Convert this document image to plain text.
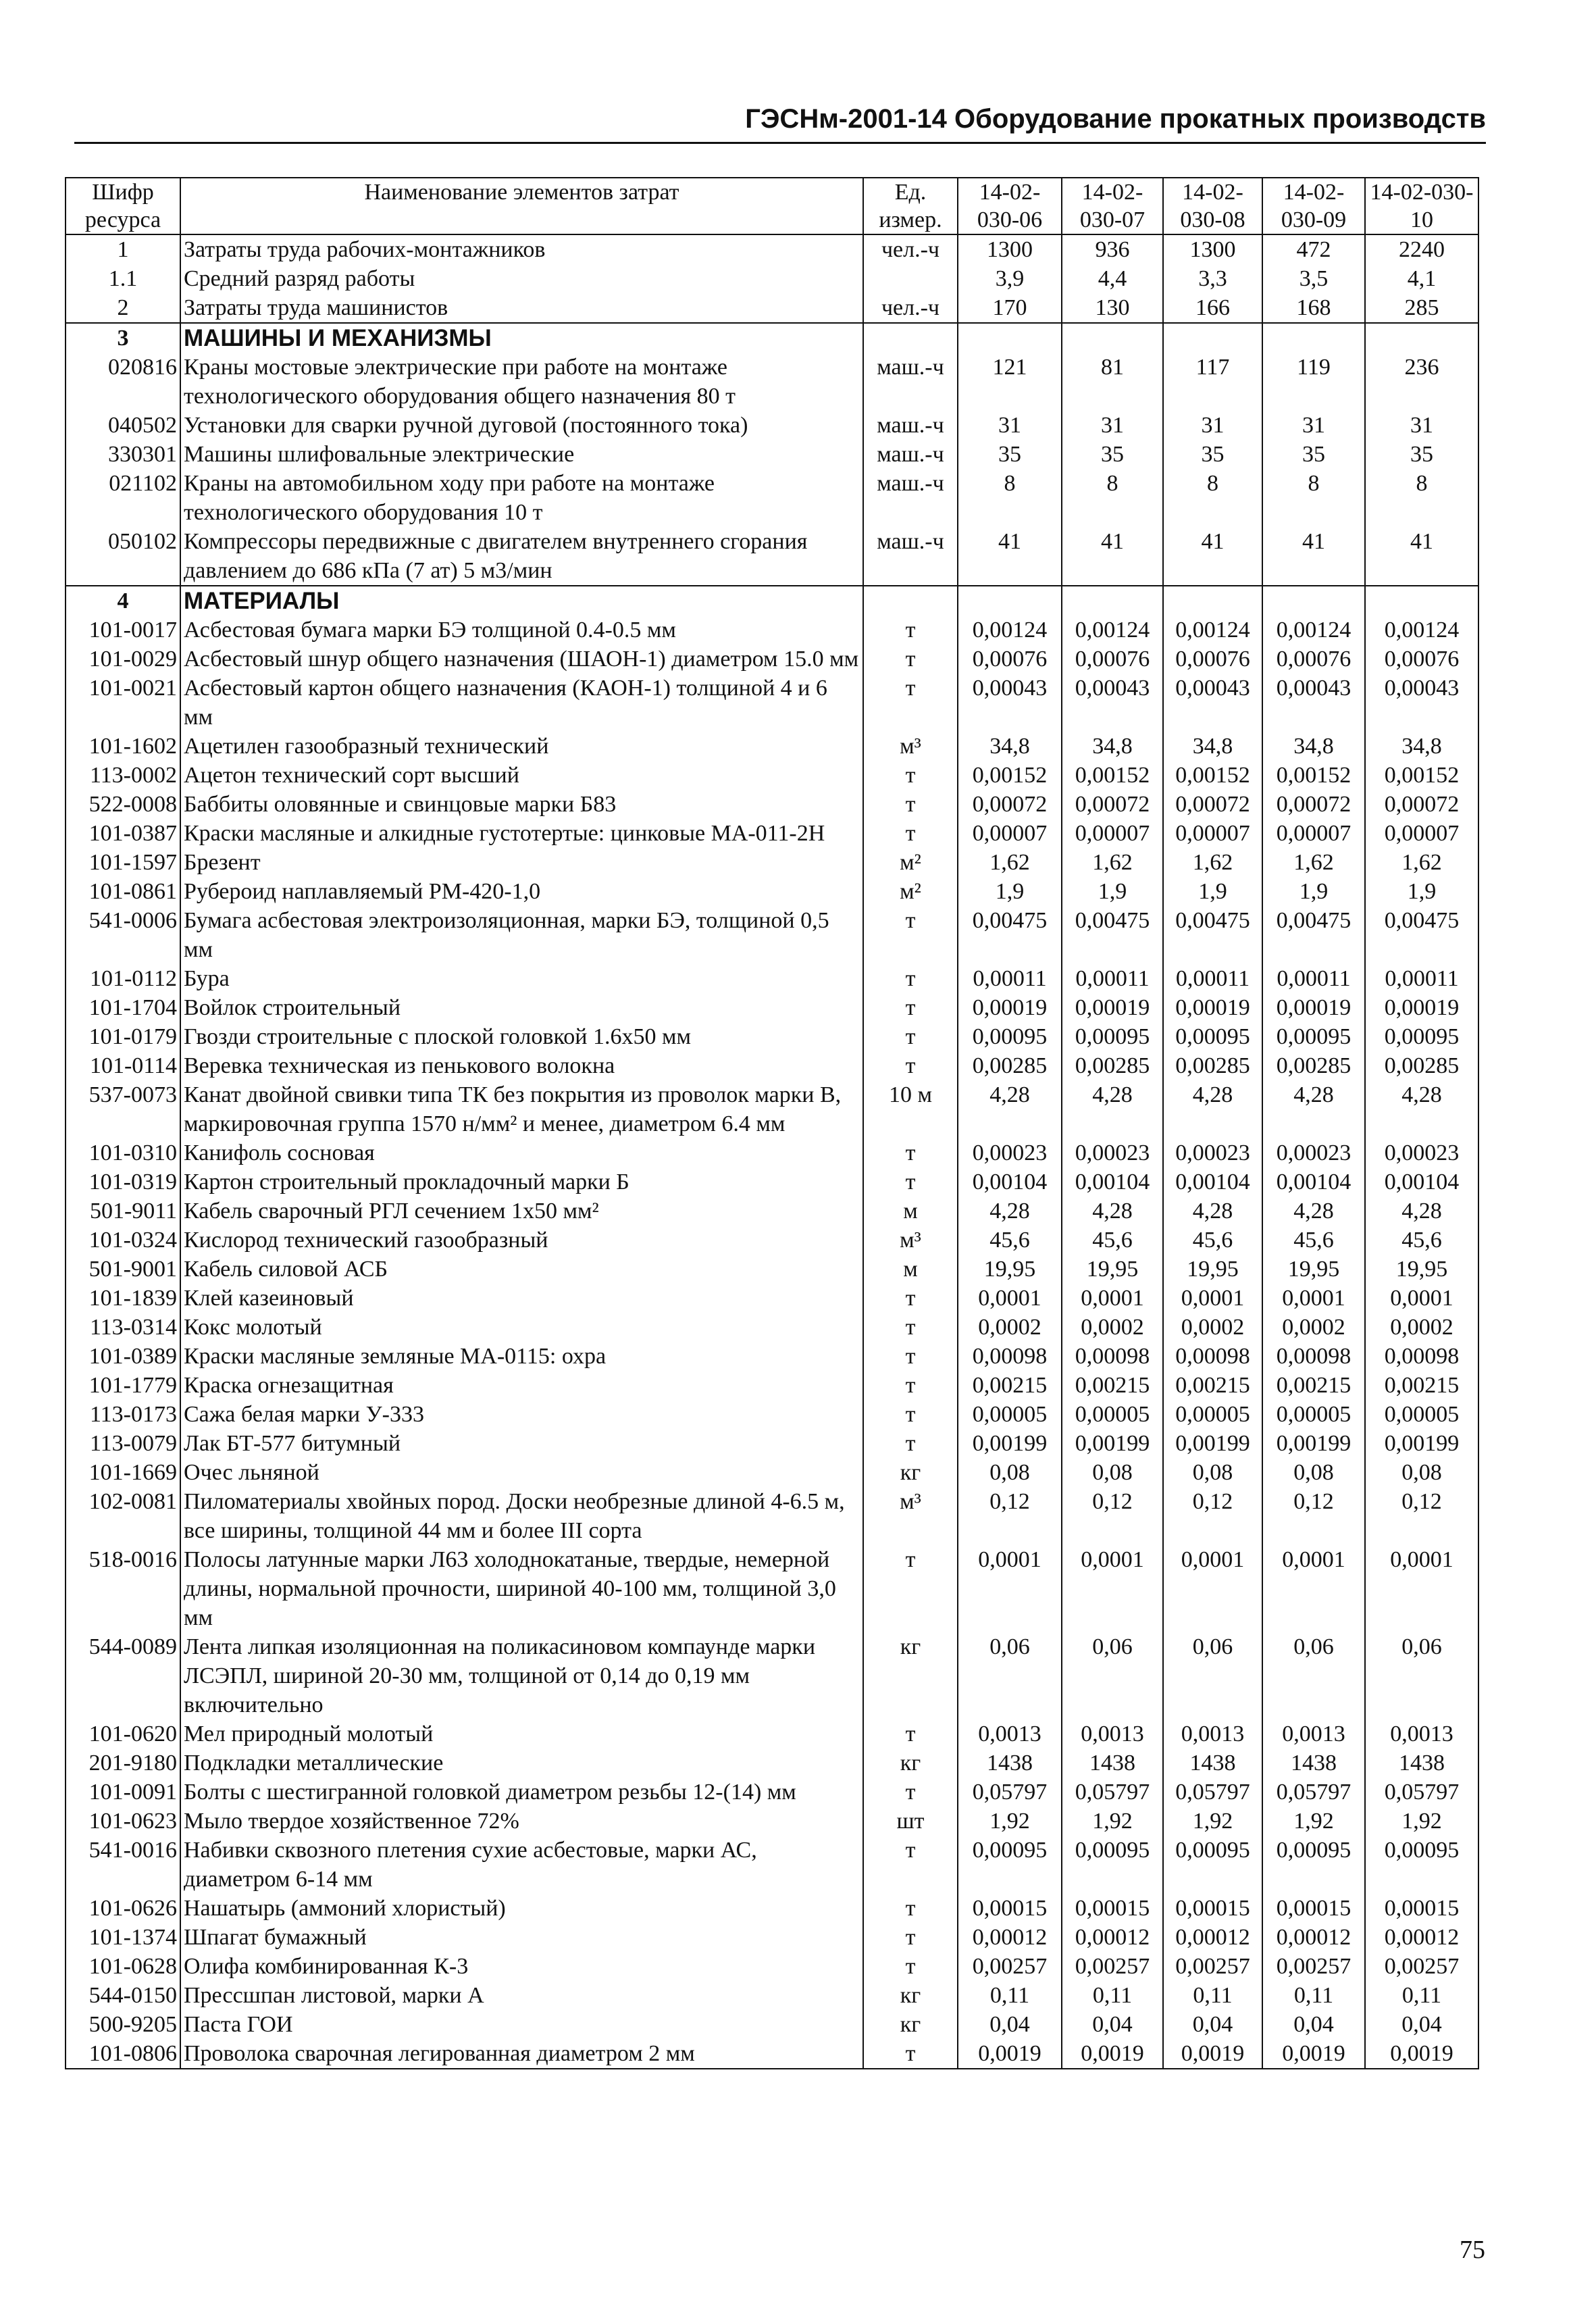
ГЭСНм-2001-14 Оборудование прокатных производств
Шифр ресурса	Наименование элементов затрат	Ед. измер.	14-02-030-06	14-02-030-07	14-02-030-08	14-02-030-09	14-02-030-10
1	Затраты труда рабочих-монтажников	чел.-ч	1300	936	1300	472	2240
1.1	Средний разряд работы		3,9	4,4	3,3	3,5	4,1
2	Затраты труда машинистов	чел.-ч	170	130	166	168	285
3	МАШИНЫ И МЕХАНИЗМЫ						
020816	Краны мостовые электрические при работе на монтаже технологического оборудования общего назначения 80 т	маш.-ч	121	81	117	119	236
040502	Установки для сварки ручной дуговой (постоянного тока)	маш.-ч	31	31	31	31	31
330301	Машины шлифовальные электрические	маш.-ч	35	35	35	35	35
021102	Краны на автомобильном ходу при работе на монтаже технологического оборудования 10 т	маш.-ч	8	8	8	8	8
050102	Компрессоры передвижные с двигателем внутреннего сгорания давлением до 686 кПа (7 ат) 5 м3/мин	маш.-ч	41	41	41	41	41
4	МАТЕРИАЛЫ						
101-0017	Асбестовая бумага марки БЭ толщиной 0.4-0.5 мм	т	0,00124	0,00124	0,00124	0,00124	0,00124
101-0029	Асбестовый шнур общего назначения (ШАОН-1) диаметром 15.0 мм	т	0,00076	0,00076	0,00076	0,00076	0,00076
101-0021	Асбестовый картон общего назначения (КАОН-1) толщиной 4 и 6 мм	т	0,00043	0,00043	0,00043	0,00043	0,00043
101-1602	Ацетилен газообразный технический	м³	34,8	34,8	34,8	34,8	34,8
113-0002	Ацетон технический сорт высший	т	0,00152	0,00152	0,00152	0,00152	0,00152
522-0008	Баббиты оловянные и свинцовые марки Б83	т	0,00072	0,00072	0,00072	0,00072	0,00072
101-0387	Краски масляные и алкидные густотертые: цинковые МА-011-2Н	т	0,00007	0,00007	0,00007	0,00007	0,00007
101-1597	Брезент	м²	1,62	1,62	1,62	1,62	1,62
101-0861	Рубероид наплавляемый РМ-420-1,0	м²	1,9	1,9	1,9	1,9	1,9
541-0006	Бумага асбестовая электроизоляционная, марки БЭ, толщиной 0,5 мм	т	0,00475	0,00475	0,00475	0,00475	0,00475
101-0112	Бура	т	0,00011	0,00011	0,00011	0,00011	0,00011
101-1704	Войлок строительный	т	0,00019	0,00019	0,00019	0,00019	0,00019
101-0179	Гвозди строительные с плоской головкой 1.6х50 мм	т	0,00095	0,00095	0,00095	0,00095	0,00095
101-0114	Веревка техническая из пенькового волокна	т	0,00285	0,00285	0,00285	0,00285	0,00285
537-0073	Канат двойной свивки типа ТК без покрытия из проволок марки В, маркировочная группа 1570 н/мм² и менее, диаметром 6.4 мм	10 м	4,28	4,28	4,28	4,28	4,28
101-0310	Канифоль сосновая	т	0,00023	0,00023	0,00023	0,00023	0,00023
101-0319	Картон строительный прокладочный марки Б	т	0,00104	0,00104	0,00104	0,00104	0,00104
501-9011	Кабель сварочный РГЛ сечением 1х50 мм²	м	4,28	4,28	4,28	4,28	4,28
101-0324	Кислород технический газообразный	м³	45,6	45,6	45,6	45,6	45,6
501-9001	Кабель силовой АСБ	м	19,95	19,95	19,95	19,95	19,95
101-1839	Клей казеиновый	т	0,0001	0,0001	0,0001	0,0001	0,0001
113-0314	Кокс молотый	т	0,0002	0,0002	0,0002	0,0002	0,0002
101-0389	Краски масляные земляные МА-0115: охра	т	0,00098	0,00098	0,00098	0,00098	0,00098
101-1779	Краска огнезащитная	т	0,00215	0,00215	0,00215	0,00215	0,00215
113-0173	Сажа белая марки У-333	т	0,00005	0,00005	0,00005	0,00005	0,00005
113-0079	Лак БТ-577 битумный	т	0,00199	0,00199	0,00199	0,00199	0,00199
101-1669	Очес льняной	кг	0,08	0,08	0,08	0,08	0,08
102-0081	Пиломатериалы хвойных пород. Доски необрезные длиной 4-6.5 м, все ширины, толщиной 44 мм и более III сорта	м³	0,12	0,12	0,12	0,12	0,12
518-0016	Полосы латунные марки Л63 холоднокатаные, твердые, немерной длины, нормальной прочности, шириной 40-100 мм, толщиной 3,0 мм	т	0,0001	0,0001	0,0001	0,0001	0,0001
544-0089	Лента липкая изоляционная на поликасиновом компаунде марки ЛСЭПЛ, шириной 20-30 мм, толщиной от 0,14 до 0,19 мм включительно	кг	0,06	0,06	0,06	0,06	0,06
101-0620	Мел природный молотый	т	0,0013	0,0013	0,0013	0,0013	0,0013
201-9180	Подкладки металлические	кг	1438	1438	1438	1438	1438
101-0091	Болты с шестигранной головкой диаметром резьбы 12-(14) мм	т	0,05797	0,05797	0,05797	0,05797	0,05797
101-0623	Мыло твердое хозяйственное 72%	шт	1,92	1,92	1,92	1,92	1,92
541-0016	Набивки сквозного плетения сухие асбестовые, марки АС, диаметром 6-14 мм	т	0,00095	0,00095	0,00095	0,00095	0,00095
101-0626	Нашатырь (аммоний хлористый)	т	0,00015	0,00015	0,00015	0,00015	0,00015
101-1374	Шпагат бумажный	т	0,00012	0,00012	0,00012	0,00012	0,00012
101-0628	Олифа комбинированная К-3	т	0,00257	0,00257	0,00257	0,00257	0,00257
544-0150	Прессшпан листовой, марки А	кг	0,11	0,11	0,11	0,11	0,11
500-9205	Паста ГОИ	кг	0,04	0,04	0,04	0,04	0,04
101-0806	Проволока сварочная легированная диаметром 2 мм	т	0,0019	0,0019	0,0019	0,0019	0,0019
75
